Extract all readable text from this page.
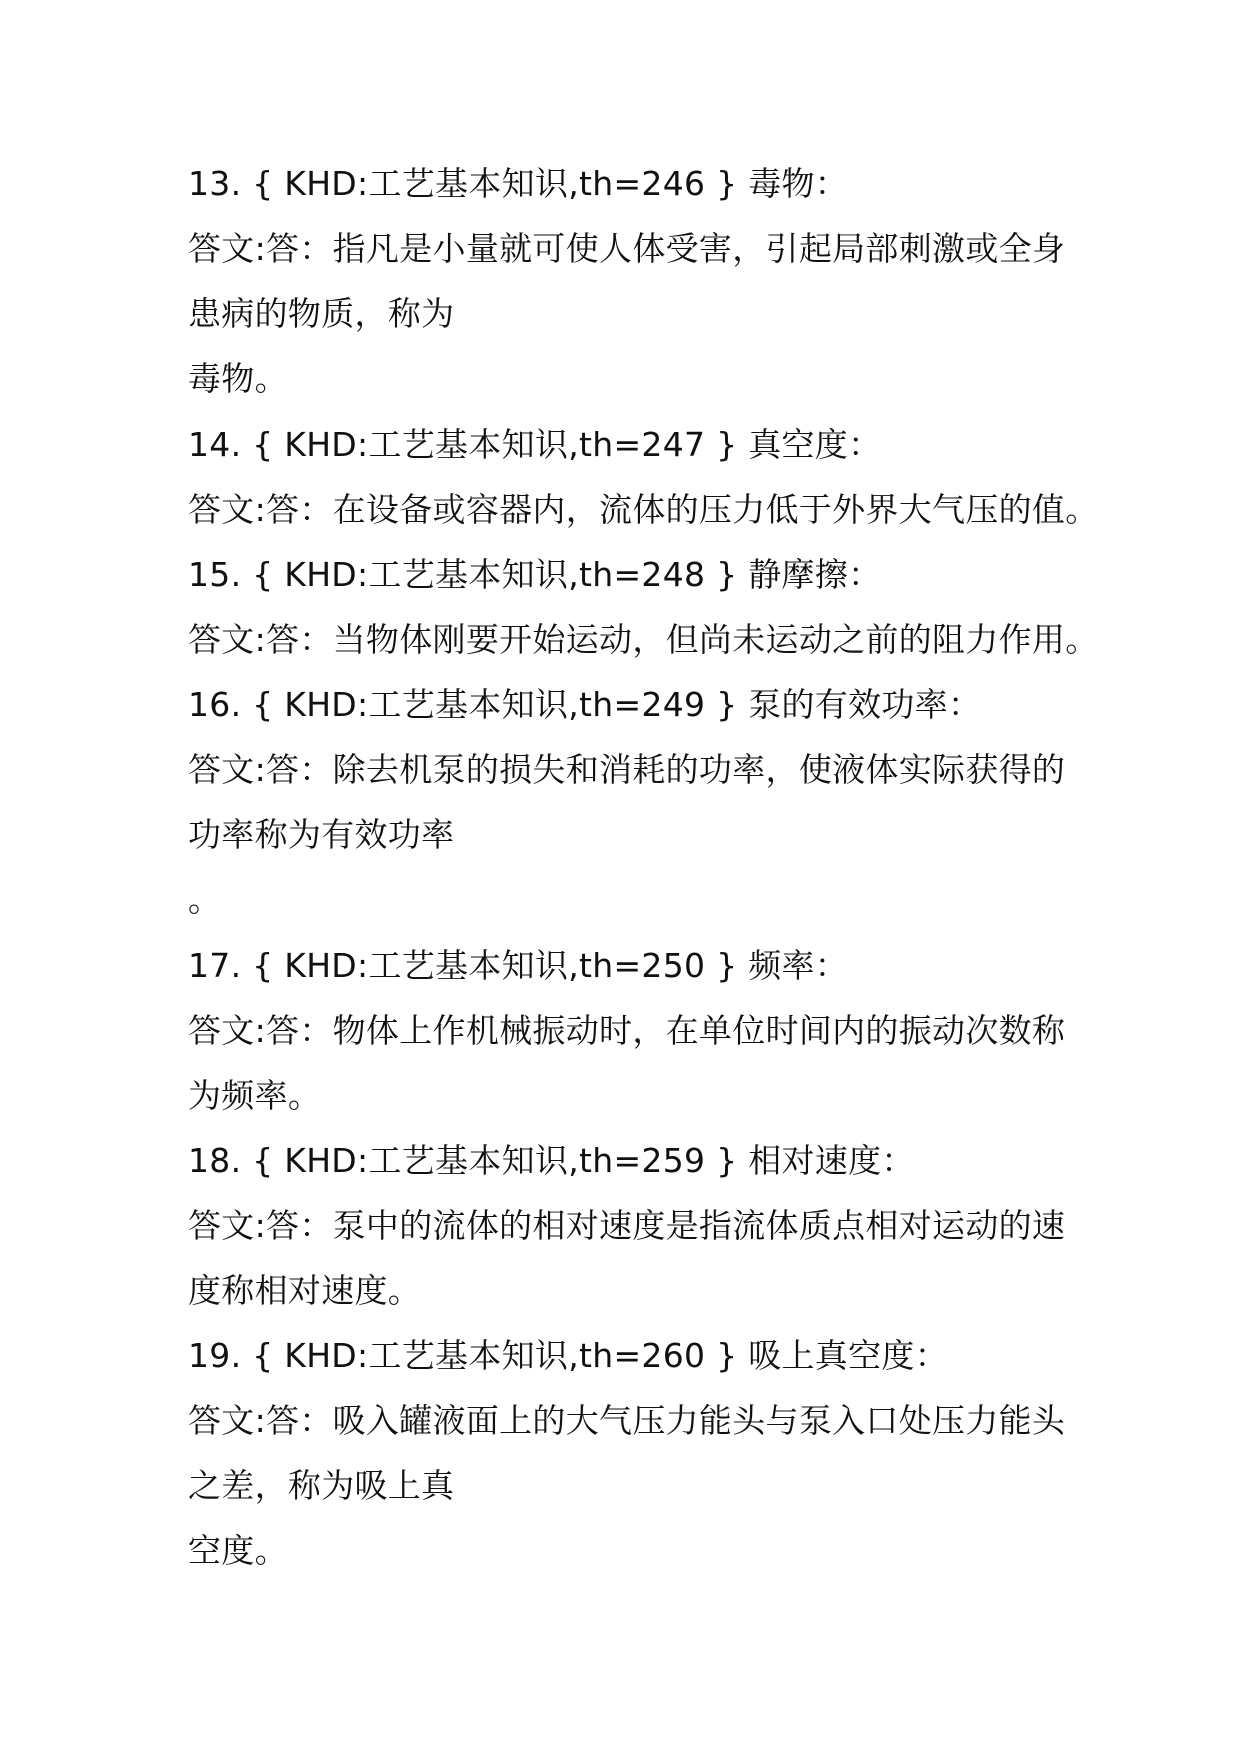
13. { KHD:工艺基本知识,th=246 } 毒物：
答文:答：指凡是小量就可使人体受害，引起局部刺激或全身
患病的物质，称为
毒物。
14. { KHD:工艺基本知识,th=247 } 真空度：
答文:答：在设备或容器内，流体的压力低于外界大气压的值。
15. { KHD:工艺基本知识,th=248 } 静摩擦：
答文:答：当物体刚要开始运动，但尚未运动之前的阻力作用。
16. { KHD:工艺基本知识,th=249 } 泵的有效功率：
答文:答：除去机泵的损失和消耗的功率，使液体实际获得的
功率称为有效功率
。
17. { KHD:工艺基本知识,th=250 } 频率：
答文:答：物体上作机械振动时，在单位时间内的振动次数称
为频率。
18. { KHD:工艺基本知识,th=259 } 相对速度：
答文:答：泵中的流体的相对速度是指流体质点相对运动的速
度称相对速度。
19. { KHD:工艺基本知识,th=260 } 吸上真空度：
答文:答：吸入罐液面上的大气压力能头与泵入口处压力能头
之差，称为吸上真
空度。
